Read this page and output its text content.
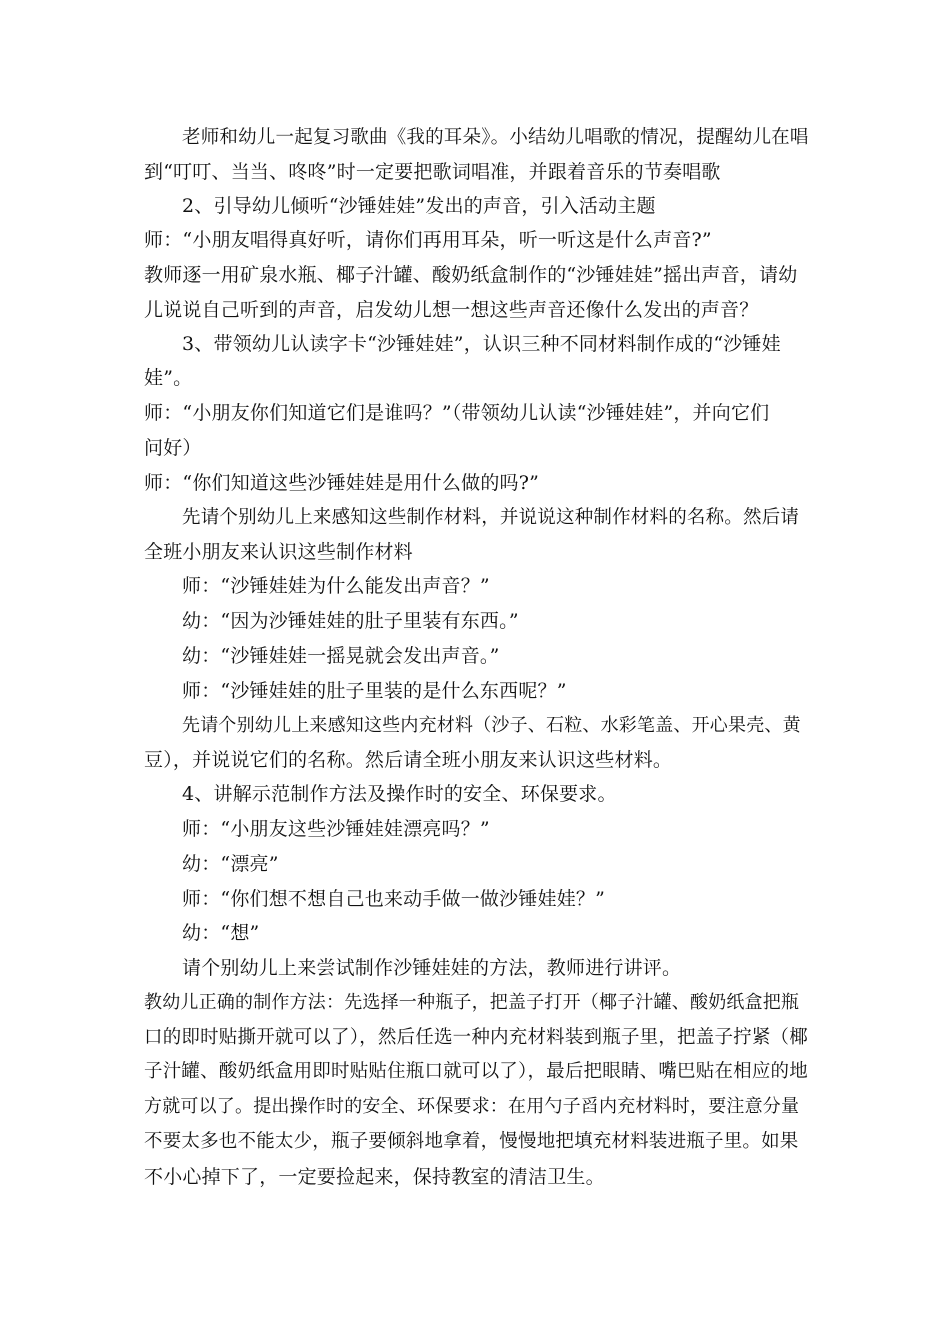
老师和幼儿一起复习歌曲《我的耳朵》。小结幼儿唱歌的情况，提醒幼儿在唱
到“叮叮、当当、咚咚”时一定要把歌词唱准，并跟着音乐的节奏唱歌
2、引导幼儿倾听“沙锤娃娃”发出的声音，引入活动主题
师：“小朋友唱得真好听，请你们再用耳朵，听一听这是什么声音?”
教师逐一用矿泉水瓶、椰子汁罐、酸奶纸盒制作的“沙锤娃娃”摇出声音，请幼
儿说说自己听到的声音，启发幼儿想一想这些声音还像什么发出的声音？
3、带领幼儿认读字卡“沙锤娃娃”，认识三种不同材料制作成的“沙锤娃
娃”。
师：“小朋友你们知道它们是谁吗？”（带领幼儿认读“沙锤娃娃”，并向它们
问好）
师：“你们知道这些沙锤娃娃是用什么做的吗?”
先请个别幼儿上来感知这些制作材料，并说说这种制作材料的名称。然后请
全班小朋友来认识这些制作材料
师：“沙锤娃娃为什么能发出声音？”
幼：“因为沙锤娃娃的肚子里装有东西。”
幼：“沙锤娃娃一摇晃就会发出声音。”
师：“沙锤娃娃的肚子里装的是什么东西呢？”
先请个别幼儿上来感知这些内充材料（沙子、石粒、水彩笔盖、开心果壳、黄
豆），并说说它们的名称。然后请全班小朋友来认识这些材料。
4、讲解示范制作方法及操作时的安全、环保要求。
师：“小朋友这些沙锤娃娃漂亮吗？”
幼：“漂亮”
师：“你们想不想自己也来动手做一做沙锤娃娃？”
幼：“想”
请个别幼儿上来尝试制作沙锤娃娃的方法，教师进行讲评。
教幼儿正确的制作方法：先选择一种瓶子，把盖子打开（椰子汁罐、酸奶纸盒把瓶
口的即时贴撕开就可以了），然后任选一种内充材料装到瓶子里，把盖子拧紧（椰
子汁罐、酸奶纸盒用即时贴贴住瓶口就可以了），最后把眼睛、嘴巴贴在相应的地
方就可以了。提出操作时的安全、环保要求：在用勺子舀内充材料时，要注意分量
不要太多也不能太少，瓶子要倾斜地拿着，慢慢地把填充材料装进瓶子里。如果
不小心掉下了，一定要捡起来，保持教室的清洁卫生。
